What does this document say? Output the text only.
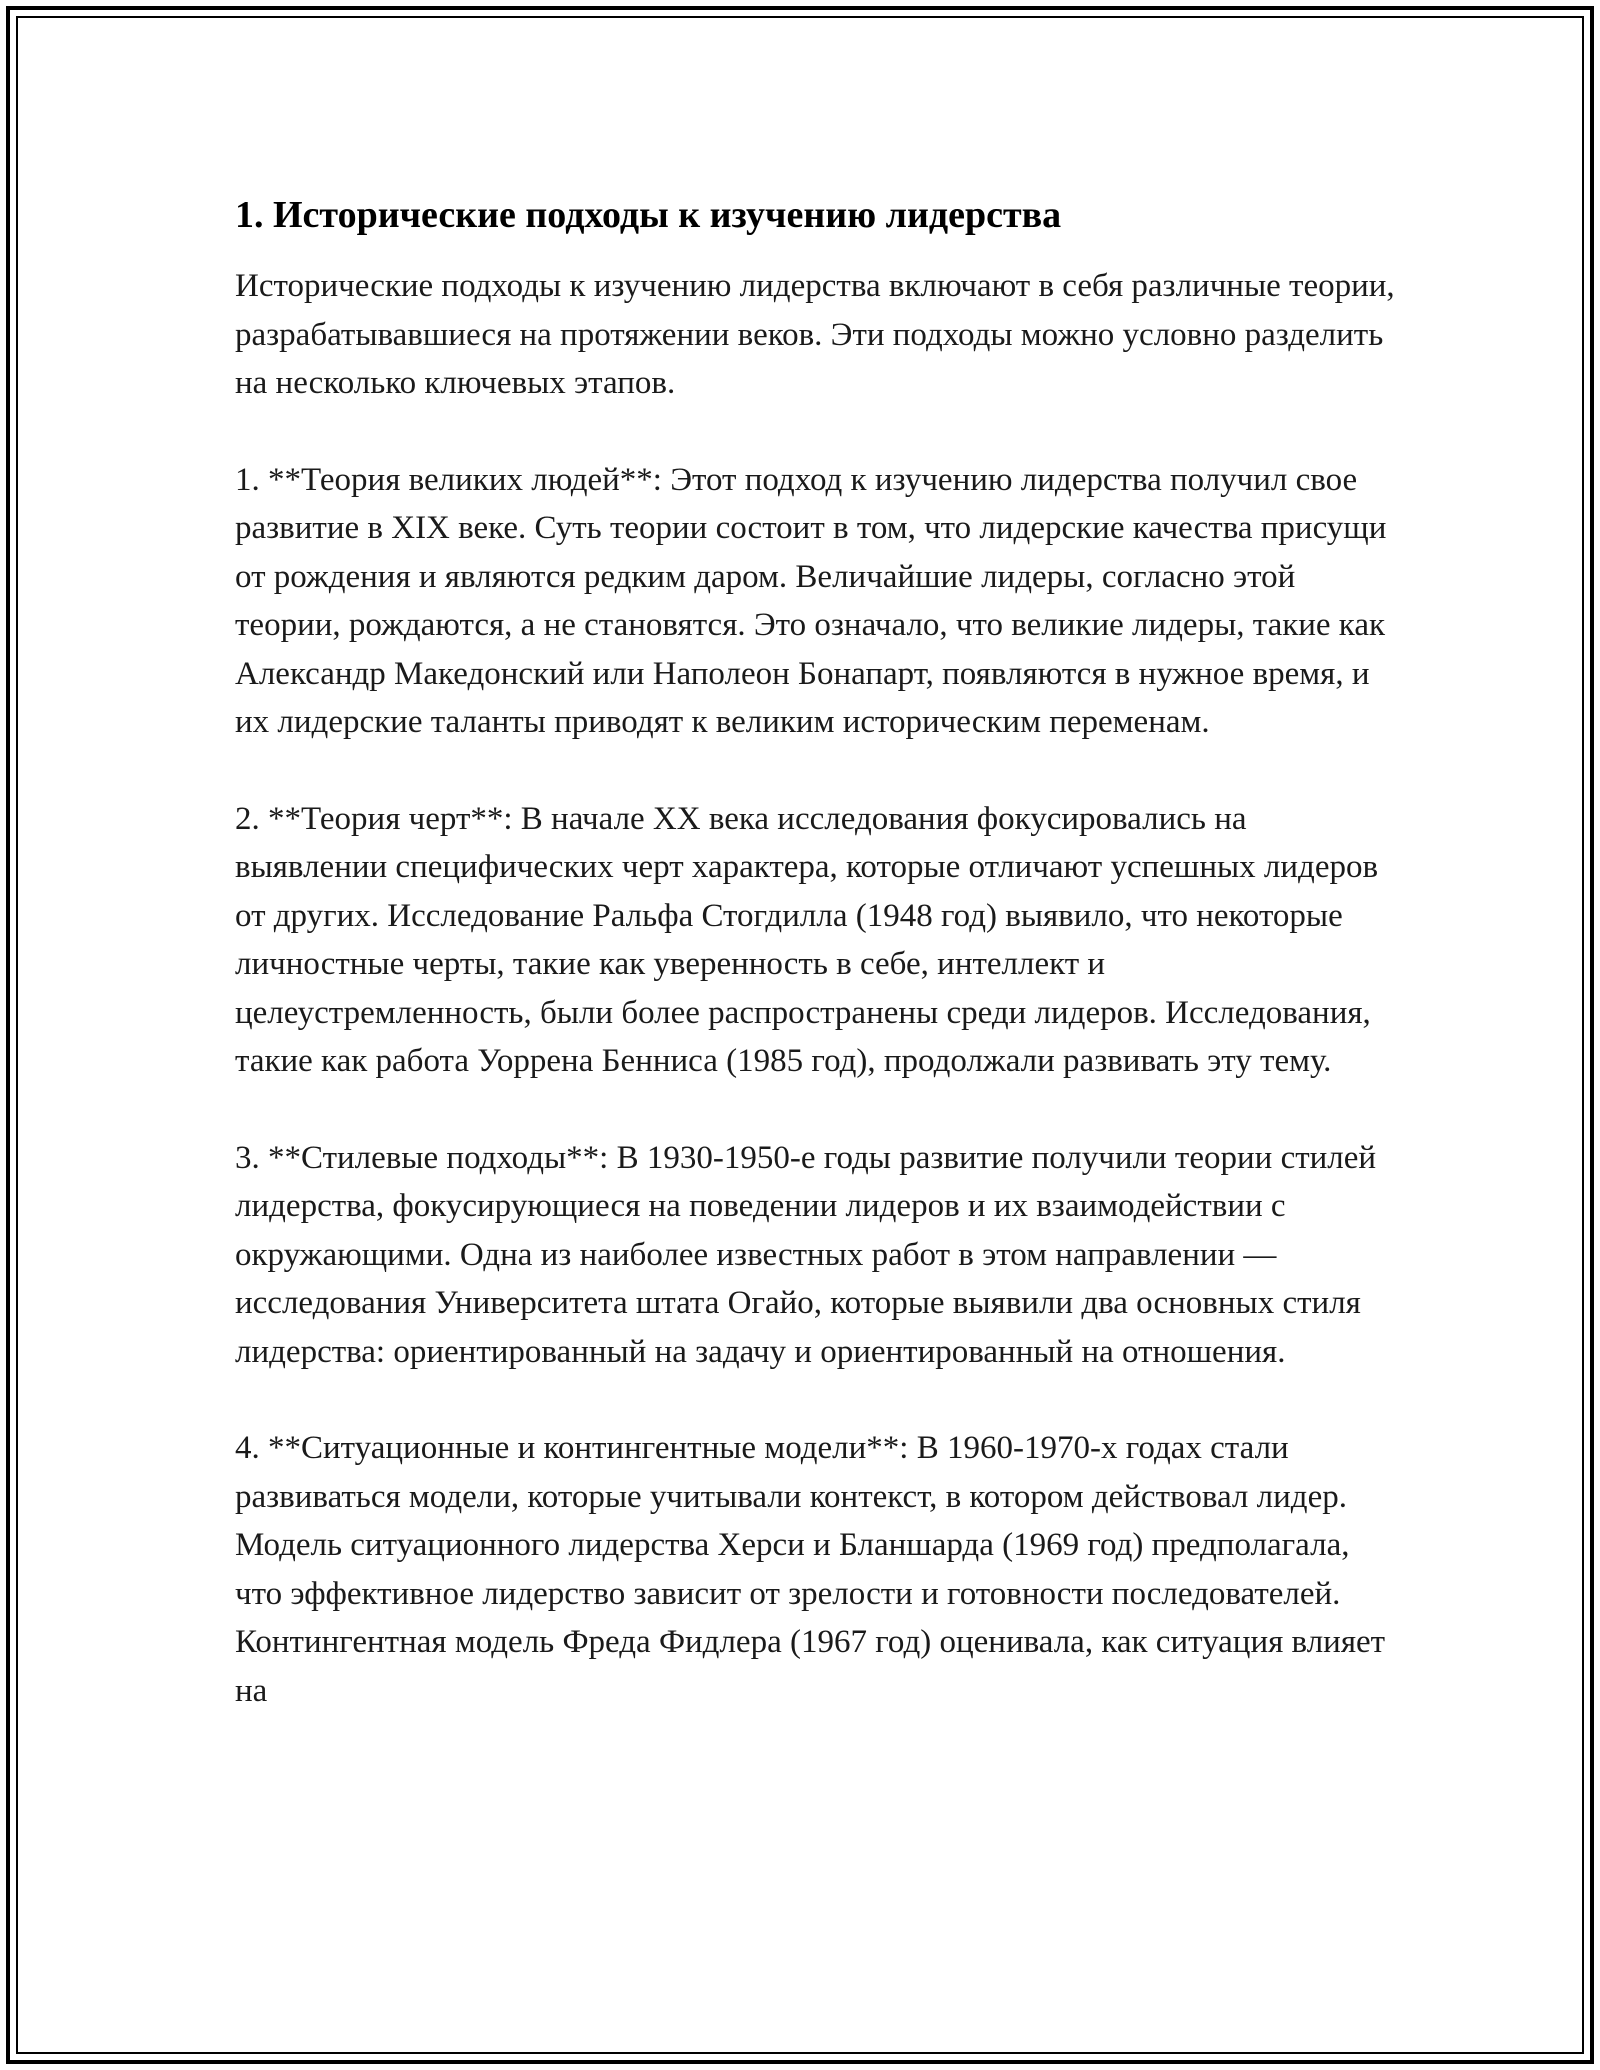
1. Исторические подходы к изучению лидерства

Исторические подходы к изучению лидерства включают в себя различные теории, разрабатывавшиеся на протяжении веков. Эти подходы можно условно разделить на несколько ключевых этапов.

1. **Теория великих людей**: Этот подход к изучению лидерства получил свое развитие в XIX веке. Суть теории состоит в том, что лидерские качества присущи от рождения и являются редким даром. Величайшие лидеры, согласно этой теории, рождаются, а не становятся. Это означало, что великие лидеры, такие как Александр Македонский или Наполеон Бонапарт, появляются в нужное время, и их лидерские таланты приводят к великим историческим переменам.

2. **Теория черт**: В начале XX века исследования фокусировались на выявлении специфических черт характера, которые отличают успешных лидеров от других. Исследование Ральфа Стогдилла (1948 год) выявило, что некоторые личностные черты, такие как уверенность в себе, интеллект и целеустремленность, были более распространены среди лидеров. Исследования, такие как работа Уоррена Бенниса (1985 год), продолжали развивать эту тему.

3. **Стилевые подходы**: В 1930-1950-е годы развитие получили теории стилей лидерства, фокусирующиеся на поведении лидеров и их взаимодействии с окружающими. Одна из наиболее известных работ в этом направлении — исследования Университета штата Огайо, которые выявили два основных стиля лидерства: ориентированный на задачу и ориентированный на отношения.

4. **Ситуационные и контингентные модели**: В 1960-1970-х годах стали развиваться модели, которые учитывали контекст, в котором действовал лидер. Модель ситуационного лидерства Херси и Бланшарда (1969 год) предполагала, что эффективное лидерство зависит от зрелости и готовности последователей. Контингентная модель Фреда Фидлера (1967 год) оценивала, как ситуация влияет на
